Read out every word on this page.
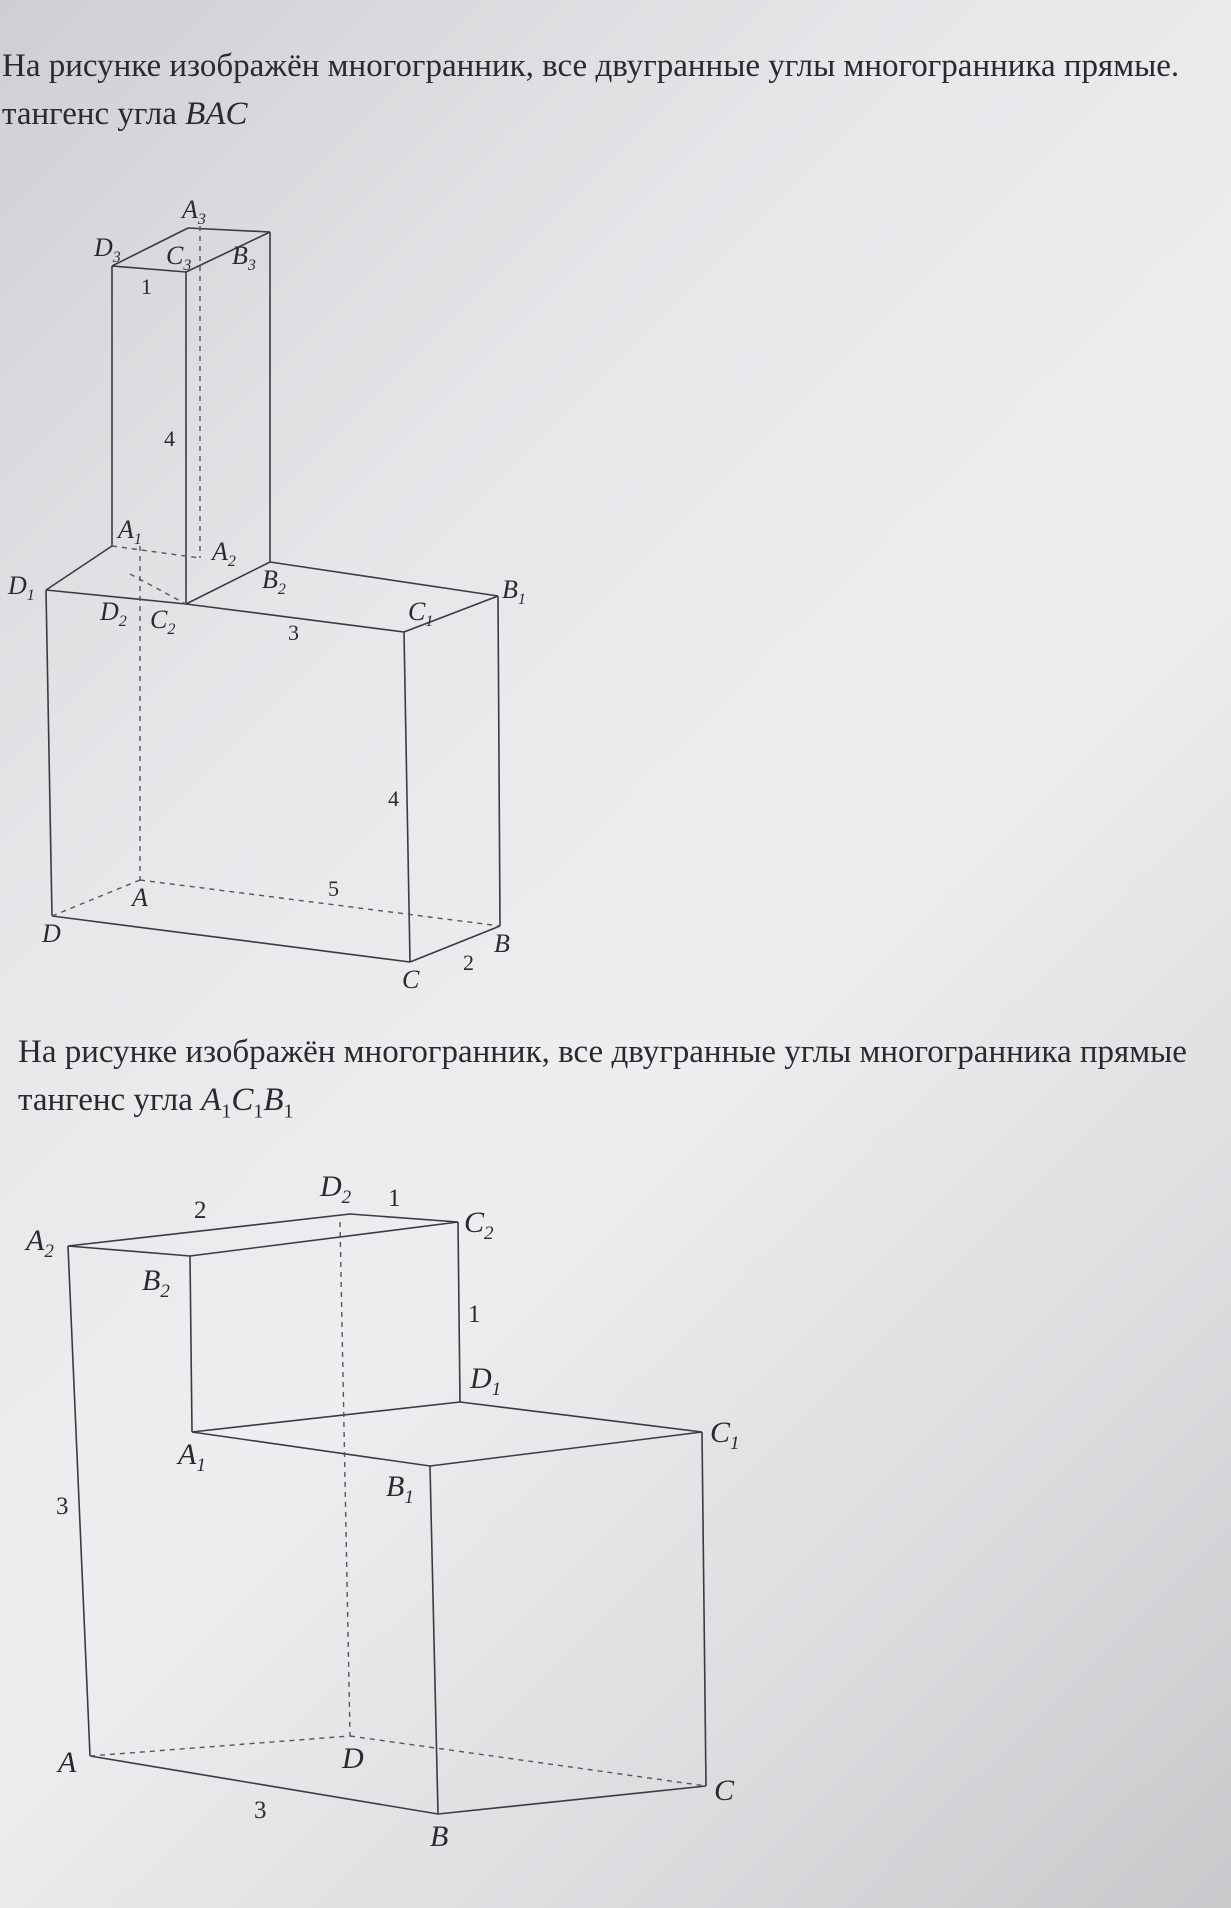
На рисунке изображён многогранник, все двугранные углы многогранника прямые.
тангенс угла BAC
$A_3$
$D_3$ $C_3$ $B_3$
$A_1$	$A_2$
$D_1$
$B_2$	$B_1$
$D_2$ $C_2$
$C_1$
A
D	B
C
1
4
3
4
5
2
На рисунке изображён многогранник, все двугранные углы многогранника прямые
тангенс угла $A_1C_1B_1$
$A_2$
$D_2$
$C_2$
$B_2$
$D_1$
$C_1$
$A_1$
$B_1$
A	D
C
B
2	1
1
3
3
